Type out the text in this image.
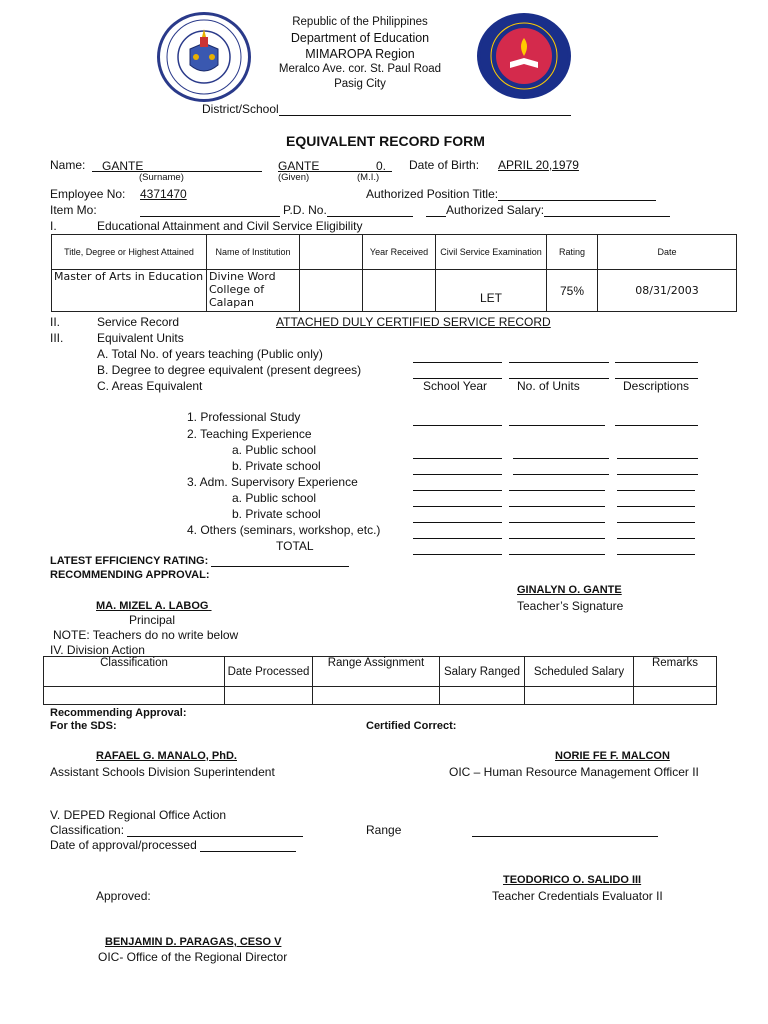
Republic of the Philippines
Department of Education
MIMAROPA Region
Meralco Ave. cor. St. Paul Road
Pasig City
District/School
EQUIVALENT RECORD FORM
Name:	GANTE	GANTE	0.	Date of Birth: APRIL 20,1979
(Surname)	(Given)	(M.I.)
Employee No: 4371470	Authorized Position Title:
Item Mo:	P.D. No.	Authorized Salary:
I.	Educational Attainment and Civil Service Eligibility
Title, Degree or Highest Attained	Name of Institution		Year Received	Civil Service Examination	Rating	Date
Master of Arts in Education	Divine Word College of Calapan			LET	75%	08/31/2003
II.	Service Record	ATTACHED DULY CERTIFIED SERVICE RECORD
III.	Equivalent Units
A. Total No. of years teaching (Public only)
B. Degree to degree equivalent (present degrees)
C. Areas Equivalent	School Year No. of Units	Descriptions
1. Professional Study
2. Teaching Experience
a. Public school
b. Private school
3. Adm. Supervisory Experience
a. Public school
b. Private school
4. Others (seminars, workshop, etc.)
TOTAL
LATEST EFFICIENCY RATING:
RECOMMENDING APPROVAL:
GINALYN O. GANTE
Teacher’s Signature
MA. MIZEL A. LABOG
Principal
NOTE: Teachers do no write below
IV. Division Action
Classification	Date Processed	Range Assignment	Salary Ranged	Scheduled Salary	Remarks

Recommending Approval:
For the SDS:	Certified Correct:
RAFAEL G. MANALO, PhD.
Assistant Schools Division Superintendent
NORIE FE F. MALCON
OIC – Human Resource Management Officer II
V. DEPED Regional Office Action
Classification:	Range
Date of approval/processed
TEODORICO O. SALIDO III
Teacher Credentials Evaluator II
Approved:
BENJAMIN D. PARAGAS, CESO V
OIC- Office of the Regional Director
